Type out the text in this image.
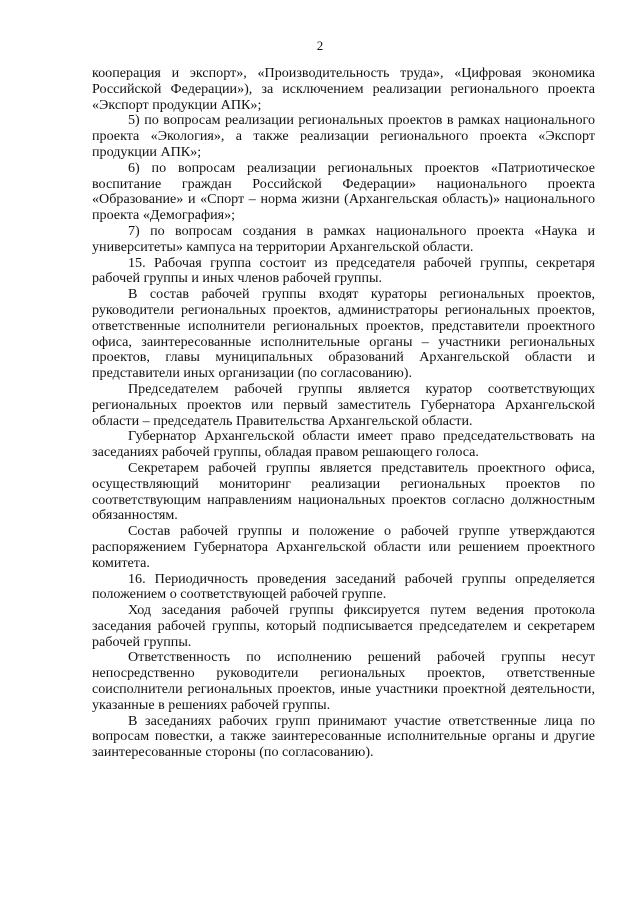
2

кооперация и экспорт», «Производительность труда», «Цифровая экономика Российской Федерации»), за исключением реализации регионального проекта «Экспорт продукции АПК»;

5) по вопросам реализации региональных проектов в рамках национального проекта «Экология», а также реализации регионального проекта «Экспорт продукции АПК»;

6) по вопросам реализации региональных проектов «Патриотическое воспитание граждан Российской Федерации» национального проекта «Образование» и «Спорт – норма жизни (Архангельская область)» национального проекта «Демография»;

7) по вопросам создания в рамках национального проекта «Наука и университеты» кампуса на территории Архангельской области.

15. Рабочая группа состоит из председателя рабочей группы, секретаря рабочей группы и иных членов рабочей группы.

В состав рабочей группы входят кураторы региональных проектов, руководители региональных проектов, администраторы региональных проектов, ответственные исполнители региональных проектов, представители проектного офиса, заинтересованные исполнительные органы – участники региональных проектов, главы муниципальных образований Архангельской области и представители иных организации (по согласованию).

Председателем рабочей группы является куратор соответствующих региональных проектов или первый заместитель Губернатора Архангельской области – председатель Правительства Архангельской области.

Губернатор Архангельской области имеет право председательствовать на заседаниях рабочей группы, обладая правом решающего голоса.

Секретарем рабочей группы является представитель проектного офиса, осуществляющий мониторинг реализации региональных проектов по соответствующим направлениям национальных проектов согласно должностным обязанностям.

Состав рабочей группы и положение о рабочей группе утверждаются распоряжением Губернатора Архангельской области или решением проектного комитета.

16. Периодичность проведения заседаний рабочей группы определяется положением о соответствующей рабочей группе.

Ход заседания рабочей группы фиксируется путем ведения протокола заседания рабочей группы, который подписывается председателем и секретарем рабочей группы.

Ответственность по исполнению решений рабочей группы несут непосредственно руководители региональных проектов, ответственные соисполнители региональных проектов, иные участники проектной деятельности, указанные в решениях рабочей группы.

В заседаниях рабочих групп принимают участие ответственные лица по вопросам повестки, а также заинтересованные исполнительные органы и другие заинтересованные стороны (по согласованию).
